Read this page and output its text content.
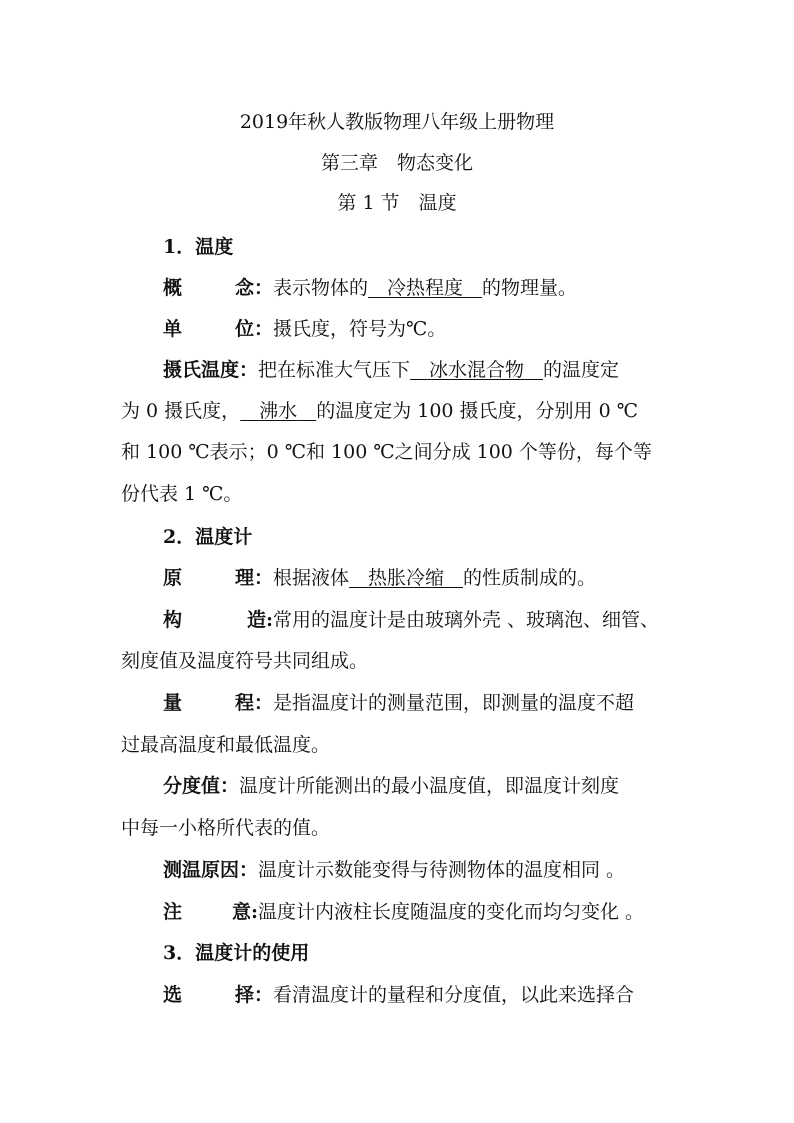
2019年秋人教版物理八年级上册物理
第三章　物态变化
第 1 节　温度
1．温度
概	念： 表示物体的  冷热程度  的物理量。
单	位： 摄氏度，符号为℃。
摄氏温度：把在标准大气压下  冰水混合物  的温度定
为 0 摄氏度，  沸水  的温度定为 100 摄氏度，分别用 0 ℃
和 100 ℃表示；0 ℃和 100 ℃之间分成 100 个等份，每个等
份代表 1 ℃。
2．温度计
原	理： 根据液体  热胀冷缩  的性质制成的。
构	造: 常用的温度计是由玻璃外壳 、玻璃泡、细管、
刻度值及温度符号共同组成。
量	程： 是指温度计的测量范围，即测量的温度不超
过最高温度和最低温度。
分度值：温度计所能测出的最小温度值，即温度计刻度
中每一小格所代表的值。
测温原因：温度计示数能变得与待测物体的温度相同 。
注	意: 温度计内液柱长度随温度的变化而均匀变化 。
3．温度计的使用
选	择： 看清温度计的量程和分度值，以此来选择合
